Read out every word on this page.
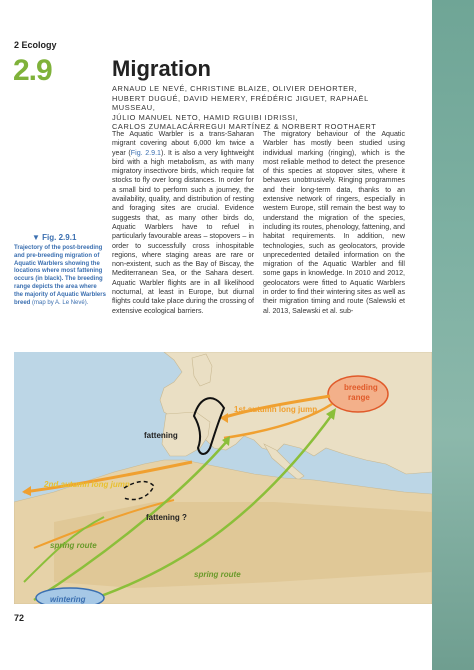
2 Ecology
2.9	Migration
ARNAUD LE NEVÉ, CHRISTINE BLAIZE, OLIVIER DEHORTER,
HUBERT DUGUÉ, DAVID HEMERY, FRÉDÉRIC JIGUET, RAPHAËL MUSSEAU,
JÚLIO MANUEL NETO, HAMID RGUIBI IDRISSI,
CARLOS ZUMALACÁRREGUI MARTÍNEZ & NORBERT ROOTHAERT

The Aquatic Warbler is a trans-Saharan migrant covering about 6,000 km twice a year (Fig. 2.9.1). It is also a very lightweight bird with a high metabolism, as with many migratory insectivore birds, which require fat stocks to fly over long distances. In order for a small bird to perform such a journey, the availability, quality, and distribution of resting and foraging sites are crucial. Evidence suggests that, as many other birds do, Aquatic Warblers have to refuel in particularly favourable areas – stopovers – in order to successfully cross inhospitable regions, where staging areas are rare or non-existent, such as the Bay of Biscay, the Mediterranean Sea, or the Sahara desert. Aquatic Warbler flights are in all likelihood nocturnal, at least in Europe, but diurnal flights could take place during the crossing of extensive ecological barriers.

The migratory behaviour of the Aquatic Warbler has mostly been studied using individual marking (ringing), which is the most reliable method to detect the presence of this species at stopover sites, where it behaves unobtrusively. Ringing programmes and their long-term data, thanks to an extensive network of ringers, especially in western Europe, still remain the best way to understand the migration of the species, including its routes, phenology, fattening, and habitat requirements. In addition, new technologies, such as geolocators, provide unprecedented detailed information on the migration of the Aquatic Warbler and fill some gaps in knowledge. In 2010 and 2012, geolocators were fitted to Aquatic Warblers in order to find their wintering sites as well as their migration timing and route (Salewski et al. 2013, Salewski et al. sub-

▼ Fig. 2.9.1
Trajectory of the post-breeding and pre-breeding migration of Aquatic Warblers showing the locations where most fattening occurs (in black). The breeding range depicts the area where the majority of Aquatic Warblers breed (map by A. Le Nevé).
breeding
range
1st autumn long jump
2nd autumn long jump
spring route
spring route
fattening
fattening ?
wintering
72
